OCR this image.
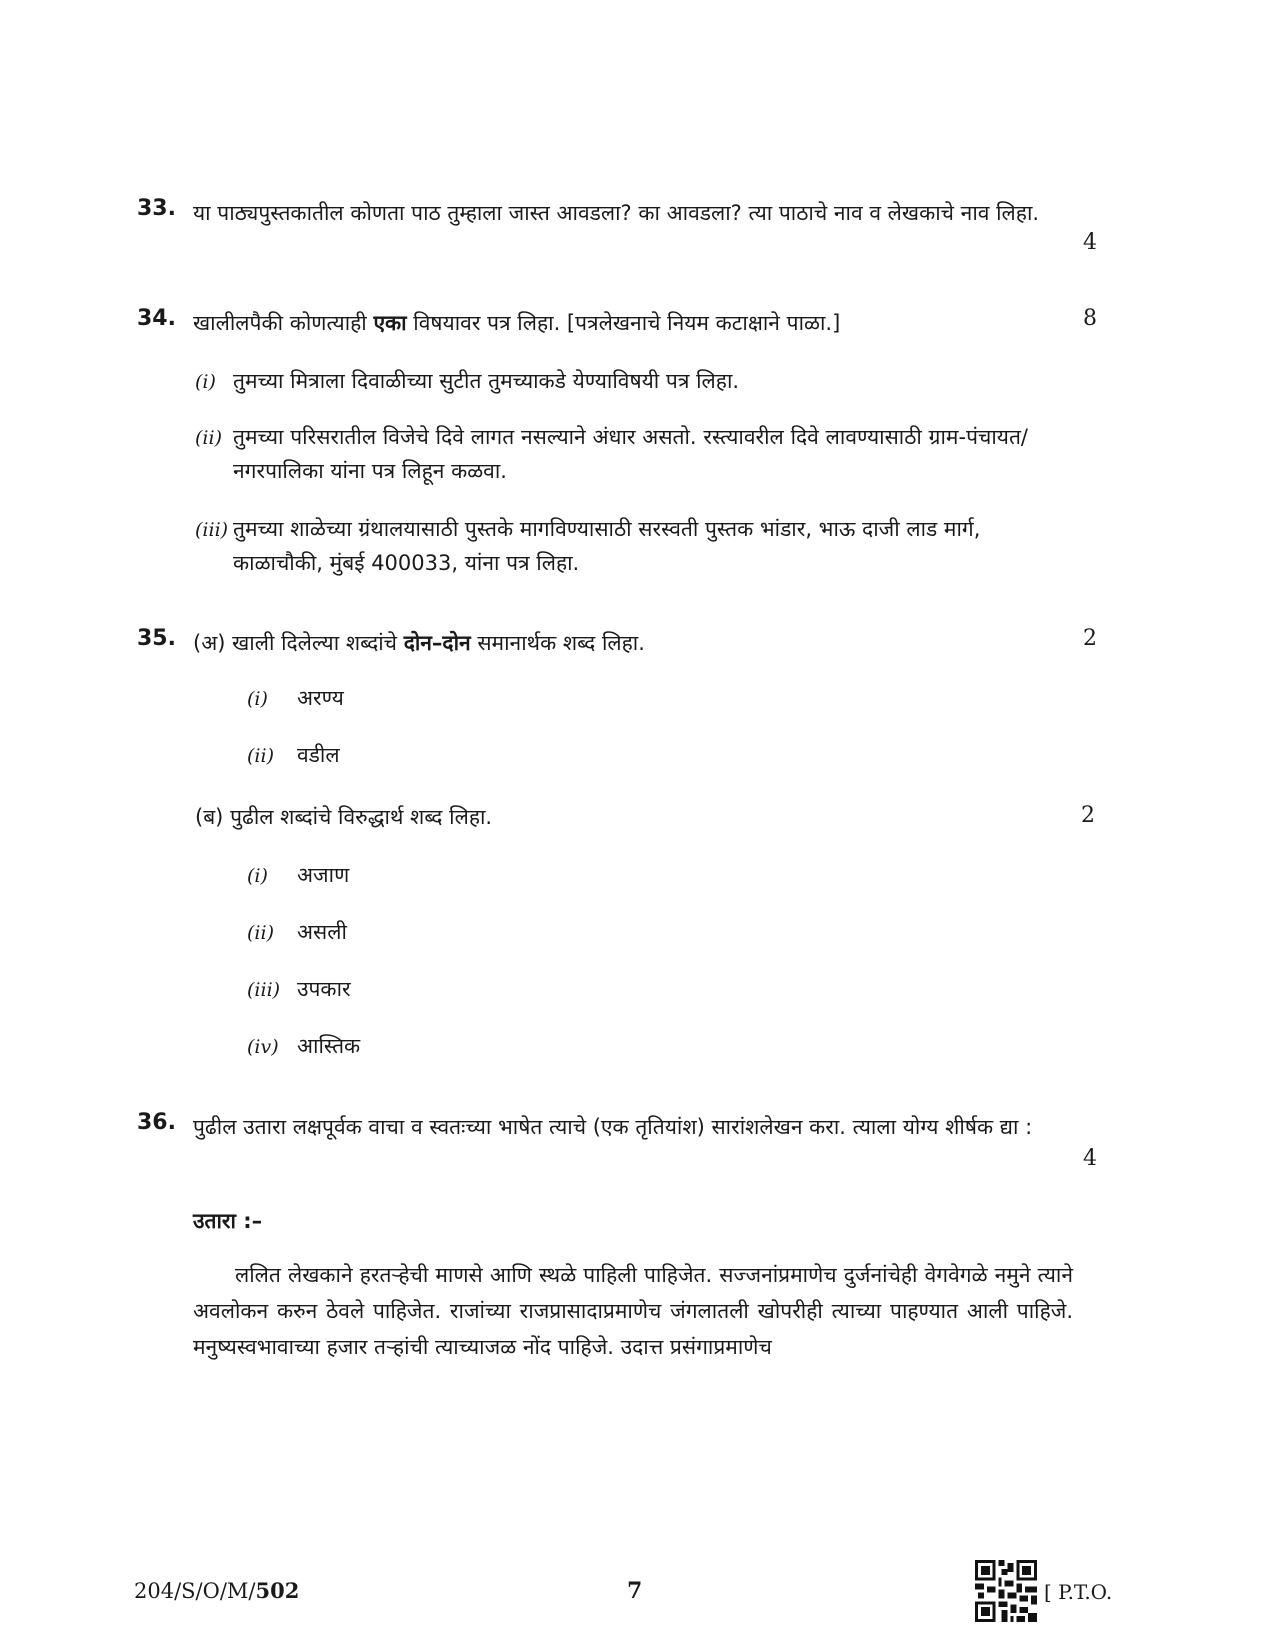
33. या पाठ्यपुस्तकातील कोणता पाठ तुम्हाला जास्त आवडला? का आवडला? त्या पाठाचे नाव व लेखकाचे नाव लिहा.
4
34. खालीलपैकी कोणत्याही एका विषयावर पत्र लिहा. [पत्रलेखनाचे नियम कटाक्षाने पाळा.]	8
(i) तुमच्या मित्राला दिवाळीच्या सुटीत तुमच्याकडे येण्याविषयी पत्र लिहा.
(ii) तुमच्या परिसरातील विजेचे दिवे लागत नसल्याने अंधार असतो. रस्त्यावरील दिवे लावण्यासाठी ग्राम-पंचायत/नगरपालिका यांना पत्र लिहून कळवा.
(iii) तुमच्या शाळेच्या ग्रंथालयासाठी पुस्तके मागविण्यासाठी सरस्वती पुस्तक भांडार, भाऊ दाजी लाड मार्ग, काळाचौकी, मुंबई 400033, यांना पत्र लिहा.
35. (अ) खाली दिलेल्या शब्दांचे दोन–दोन समानार्थक शब्द लिहा.	2
(i) अरण्य
(ii) वडील
(ब) पुढील शब्दांचे विरुद्धार्थ शब्द लिहा.	2
(i) अजाण
(ii) असली
(iii) उपकार
(iv) आस्तिक
36. पुढील उतारा लक्षपूर्वक वाचा व स्वतःच्या भाषेत त्याचे (एक तृतियांश) सारांशलेखन करा. त्याला योग्य शीर्षक द्या :
4
उतारा :–
ललित लेखकाने हरतऱ्हेची माणसे आणि स्थळे पाहिली पाहिजेत. सज्जनांप्रमाणेच दुर्जनांचेही वेगवेगळे नमुने त्याने अवलोकन करुन ठेवले पाहिजेत. राजांच्या राजप्रासादाप्रमाणेच जंगलातली खोपरीही त्याच्या पाहण्यात आली पाहिजे. मनुष्यस्वभावाच्या हजार तऱ्हांची त्याच्याजळ नोंद पाहिजे. उदात्त प्रसंगाप्रमाणेच
204/S/O/M/502	7	[ P.T.O.
